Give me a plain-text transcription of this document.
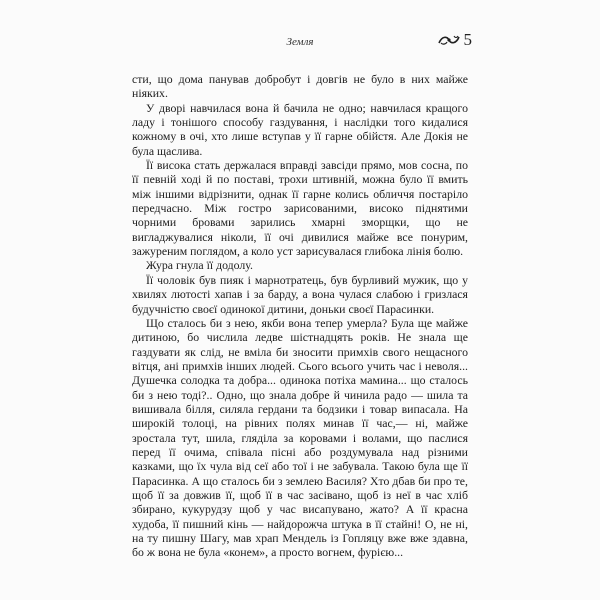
Земля	5

сти, що дома панував добробут і довгів не було в них майже ніяких.

У дворі навчилася вона й бачила не одно; навчилася кращого ладу і тонішого способу газдування, і наслідки того кидалися кожному в очі, хто лише вступав у її гарне обійстя. Але Докія не була щаслива.

Її висока стать держалася вправді завсіди прямо, мов сосна, по її певній ході й по поставі, трохи штивній, можна було її вмить між іншими відрізнити, однак її гарне колись обличчя постаріло передчасно. Між гостро зарисованими, високо піднятими чорними бровами зарились хмарні зморщки, що не вигладжувалися ніколи, її очі дивилися майже все понурим, зажуреним поглядом, а коло уст зарисувалася глибока лінія болю.

Жура гнула її додолу.

Її чоловік був пияк і марнотратець, був бурливий мужик, що у хвилях лютості хапав і за барду, а вона чулася слабою і гризлася будучністю своєї одинокої дитини, доньки своєї Парасинки.

Що сталось би з нею, якби вона тепер умерла? Була ще майже дитиною, бо числила ледве шістнадцять років. Не знала ще газдувати як слід, не вміла би зносити примхів свого нещасного вітця, ані примхів інших людей. Сього всього учить час і неволя... Душечка солодка та добра... одинока потіха мамина... що сталось би з нею тоді?.. Одно, що знала добре й чинила радо — шила та вишивала білля, силяла гердани та бодзики і товар випасала. На широкій толоці, на рівних полях минав її час,— ні, майже зростала тут, шила, гляділа за коровами і волами, що паслися перед її очима, співала пісні або роздумувала над різними казками, що їх чула від сеї або тої і не забувала. Такою була ще її Парасинка. А що сталось би з землею Василя? Хто дбав би про те, щоб її за довжив її, щоб її в час засівано, щоб із неї в час хліб збирано, кукурудзу щоб у час висапувано, жато? А її красна худоба, її пишний кінь — найдорожча штука в її стайні! О, не ні, на ту пишну Шагу, мав храп Мендель із Гопляцу вже вже здавна, бо ж вона не була «конем», а просто вогнем, фурією...
